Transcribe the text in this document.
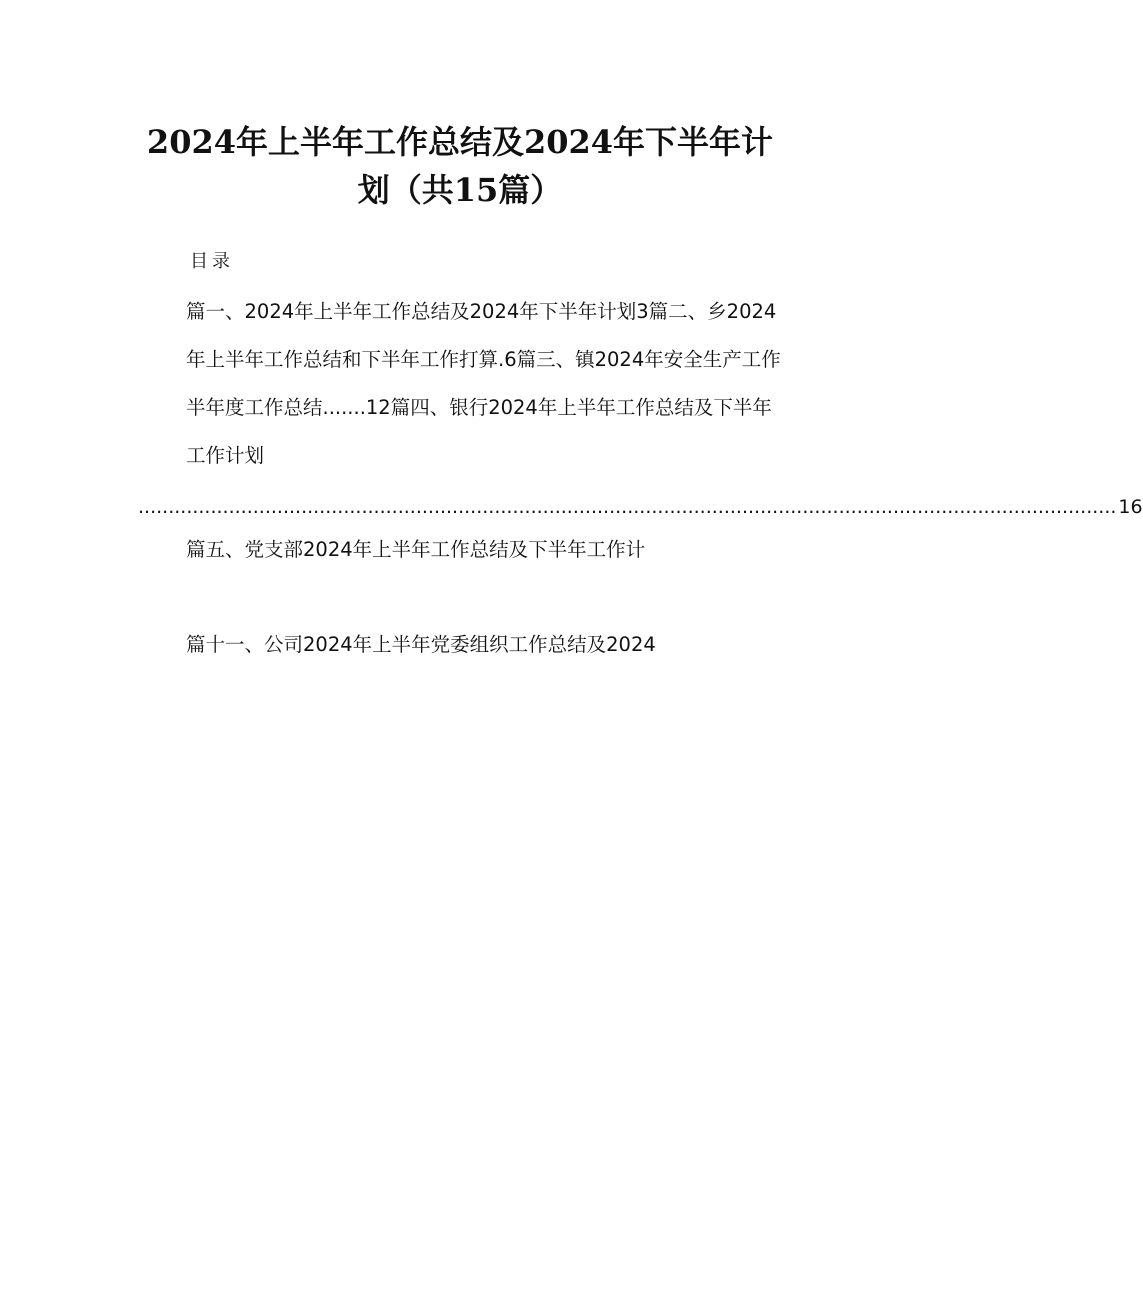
2024年上半年工作总结及2024年下半年计
划（共15篇）
目录

篇一、2024年上半年工作总结及2024年下半年计划3篇二、乡2024年上半年工作总结和下半年工作打算.6篇三、镇2024年安全生产工作半年度工作总结.......12篇四、银行2024年上半年工作总结及下半年工作计划

.................................................................................................................................................................. 16
篇五、党支部2024年上半年工作总结及下半年工作计
篇十一、公司2024年上半年党委组织工作总结及2024
